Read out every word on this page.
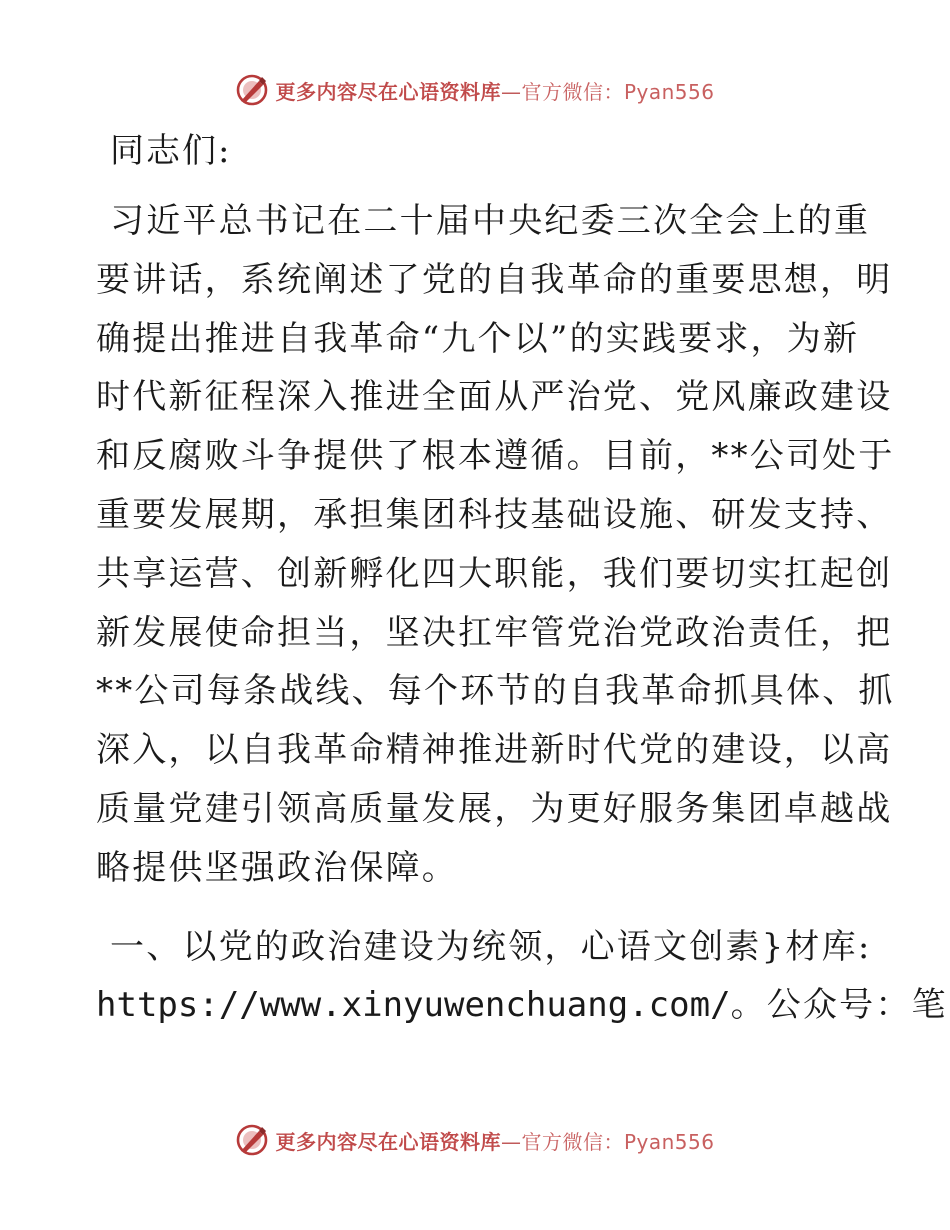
更多内容尽在心语资料库—官方微信：Pyan556
同志们:
习近平总书记在二十届中央纪委三次全会上的重
要讲话，系统阐述了党的自我革命的重要思想，明
确提出推进自我革命“九个以”的实践要求，为新
时代新征程深入推进全面从严治党、党风廉政建设
和反腐败斗争提供了根本遵循。目前，**公司处于
重要发展期，承担集团科技基础设施、研发支持、
共享运营、创新孵化四大职能，我们要切实扛起创
新发展使命担当，坚决扛牢管党治党政治责任，把
**公司每条战线、每个环节的自我革命抓具体、抓
深入，以自我革命精神推进新时代党的建设，以高
质量党建引领高质量发展，为更好服务集团卓越战
略提供坚强政治保障。
一、以党的政治建设为统领，心语文创素}材库:
https://www.xinyuwenchuang.com/。公众号：笔
更多内容尽在心语资料库—官方微信：Pyan556
